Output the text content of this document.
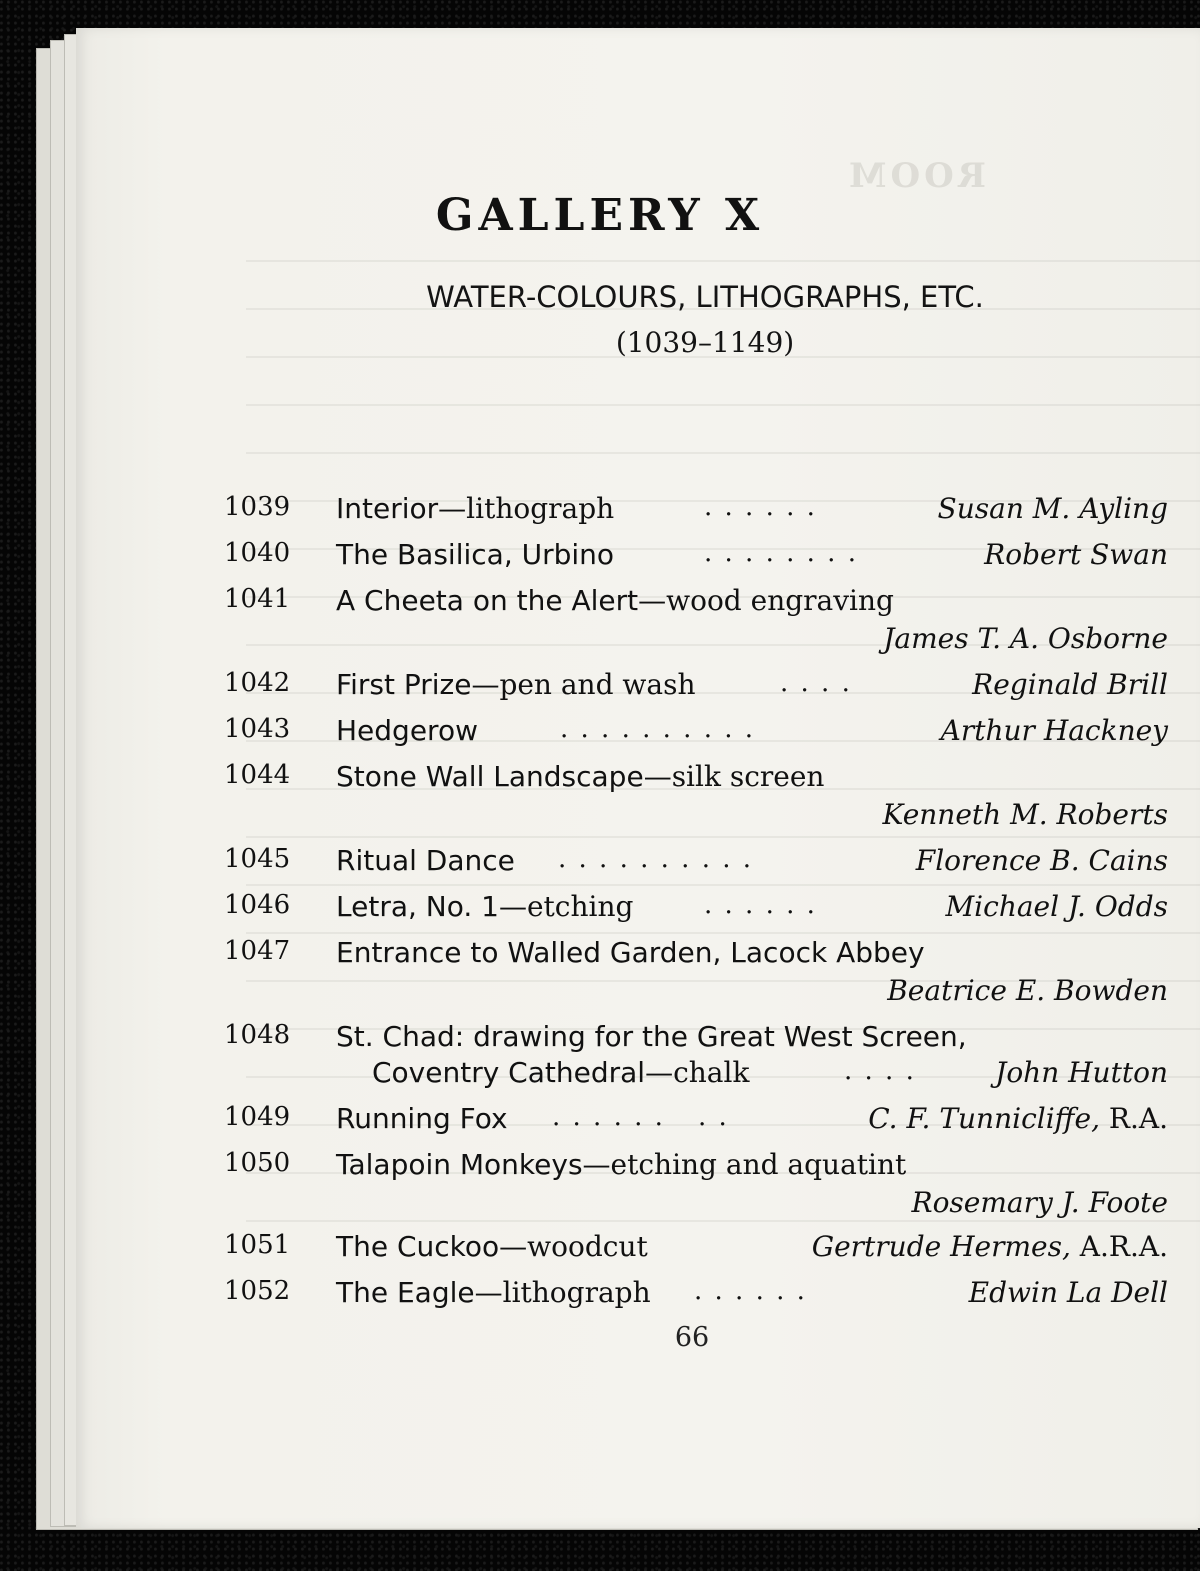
ROOM
GALLERY X
WATER-COLOURS, LITHOGRAPHS, ETC.
(1039–1149)
1039 Interior—lithograph	. . . . . .	Susan M. Ayling
1040 The Basilica, Urbino	. . . . . . . .	Robert Swan
1041 A Cheeta on the Alert—wood engraving
James T. A. Osborne
1042 First Prize—pen and wash	. . . .	Reginald Brill
1043 Hedgerow	. . . . . . . . . .	Arthur Hackney
1044 Stone Wall Landscape—silk screen
Kenneth M. Roberts
1045 Ritual Dance . . . . . . . . . .	Florence B. Cains
1046 Letra, No. 1—etching	. . . . . .	Michael J. Odds
1047 Entrance to Walled Garden, Lacock Abbey
Beatrice E. Bowden
1048 St. Chad: drawing for the Great West Screen,
Coventry Cathedral—chalk	. . . .	John Hutton
1049 Running Fox . . . . . .	C. F. Tunnicliffe, R.A.
. .
1050 Talapoin Monkeys—etching and aquatint
Rosemary J. Foote
1051 The Cuckoo—woodcut	Gertrude Hermes, A.R.A.
1052 The Eagle—lithograph . . . . . .	Edwin La Dell
66
